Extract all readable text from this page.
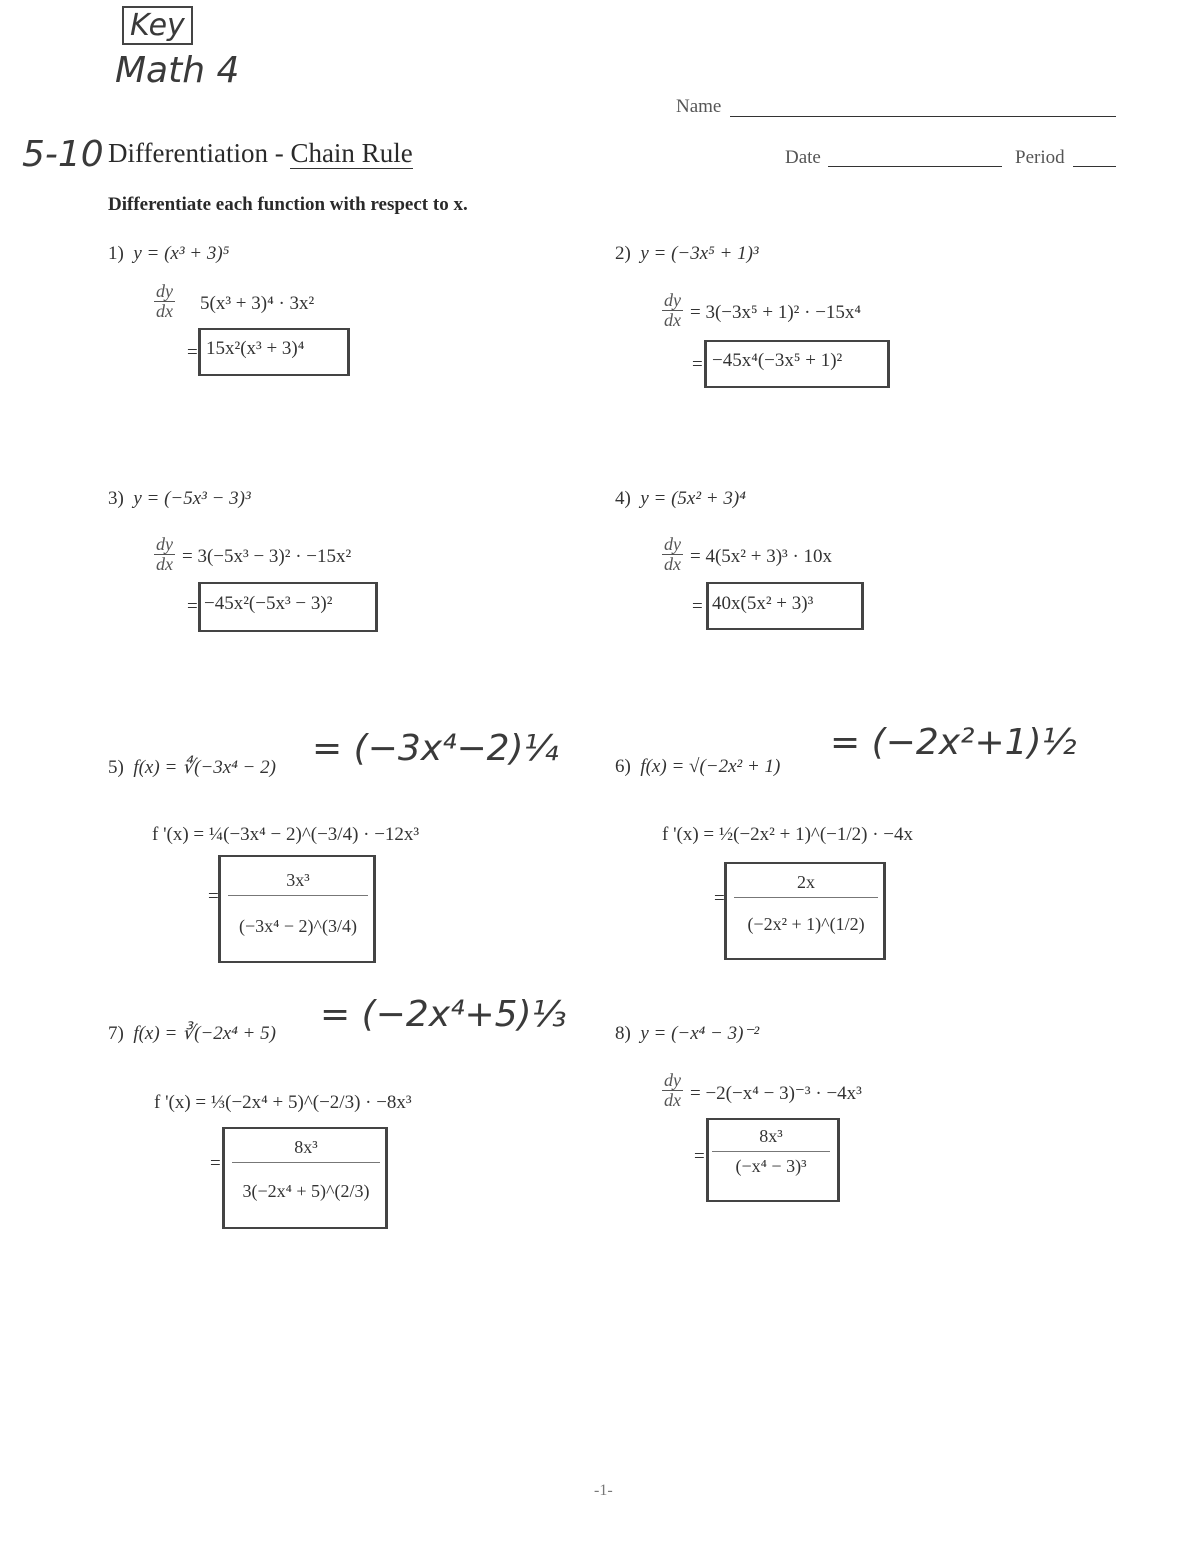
Key
Math 4
5-10 Differentiation - Chain Rule
Name
Date	Period
Differentiate each function with respect to x.
1) y = (x³ + 3)⁵
$\frac{dy}{dx} 5(x^3 + 3)^4 \cdot 3x^2$
= 15x²(x³ + 3)⁴
2) y = (−3x⁵ + 1)³
$\frac{dy}{dx} = 3(-3x^5 + 1)^2 \cdot -15x^4$
= −45x⁴(−3x⁵ + 1)²
3) y = (−5x³ − 3)³
$\frac{dy}{dx} = 3(-5x^3 - 3)^2 \cdot -15x^2$
= −45x²(−5x³ − 3)²
4) y = (5x² + 3)⁴
$\frac{dy}{dx} = 4(5x^2 + 3)^3 \cdot 10x$
= 40x(5x² + 3)³
5) f(x) = ∜(−3x⁴ − 2) = (−3x⁴−2)¼
f '(x) = ¼(−3x⁴ − 2)^(−3/4) · −12x³
=
3x³
(−3x⁴ − 2)^(3/4)
6) f(x) = √(−2x² + 1)
= (−2x²+1)½
f '(x) = ½(−2x² + 1)^(−1/2) · −4x
=
2x
(−2x² + 1)^(1/2)
7) f(x) = ∛(−2x⁴ + 5) = (−2x⁴+5)⅓
f '(x) = ⅓(−2x⁴ + 5)^(−2/3) · −8x³
=
8x³
3(−2x⁴ + 5)^(2/3)
8) y = (−x⁴ − 3)⁻²
$\frac{dy}{dx} = -2(-x^4 - 3)^{-3} \cdot -4x^3$
=
8x³
(−x⁴ − 3)³
-1-
